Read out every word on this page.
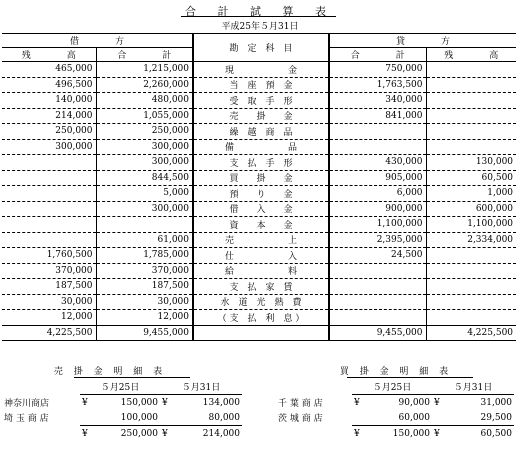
合 計 試 算 表
平成25年５月31日
借　　　　方		勘　定　科　目	貸　　　　方	
残　　　　高	合　　　　計		合　　　　計	残　　　　高
465,000	1,215,000	現　　　　　　金	750,000	
496,500	2,260,000	当　座　預　金	1,763,500	
140,000	480,000	受　取　手　形	340,000	
214,000	1,055,000	売　　掛　　金	841,000	
250,000	250,000	繰　越　商　品		
300,000	300,000	備　　　　　　品		
	300,000	支　払　手　形	430,000	130,000
	844,500	買　　掛　　金	905,000	60,500
	5,000	預　　り　　金	6,000	1,000
	300,000	借　　入　　金	900,000	600,000
		資　　本　　金	1,100,000	1,100,000
	61,000	売　　　　　　上	2,395,000	2,334,000
1,760,500	1,785,000	仕　　　　　　入	24,500	
370,000	370,000	給　　　　　　料		
187,500	187,500	支　払　家　賃		
30,000	30,000	水　道　光　熱　費		
12,000	12,000	（ 支　払　利　息 ）		
4,225,500	9,455,000		9,455,000	4,225,500
売 掛 金 明 細 表
	５月25日	５月31日
神奈川商店	¥ 150,000	¥ 134,000

埼 玉 商 店	100,000	80,000

	¥ 250,000	¥ 214,000
買 掛 金 明 細 表
	５月25日	５月31日
千 葉 商 店	¥ 90,000	¥ 31,000

茨 城 商 店	60,000	29,500

	¥ 150,000	¥ 60,500
